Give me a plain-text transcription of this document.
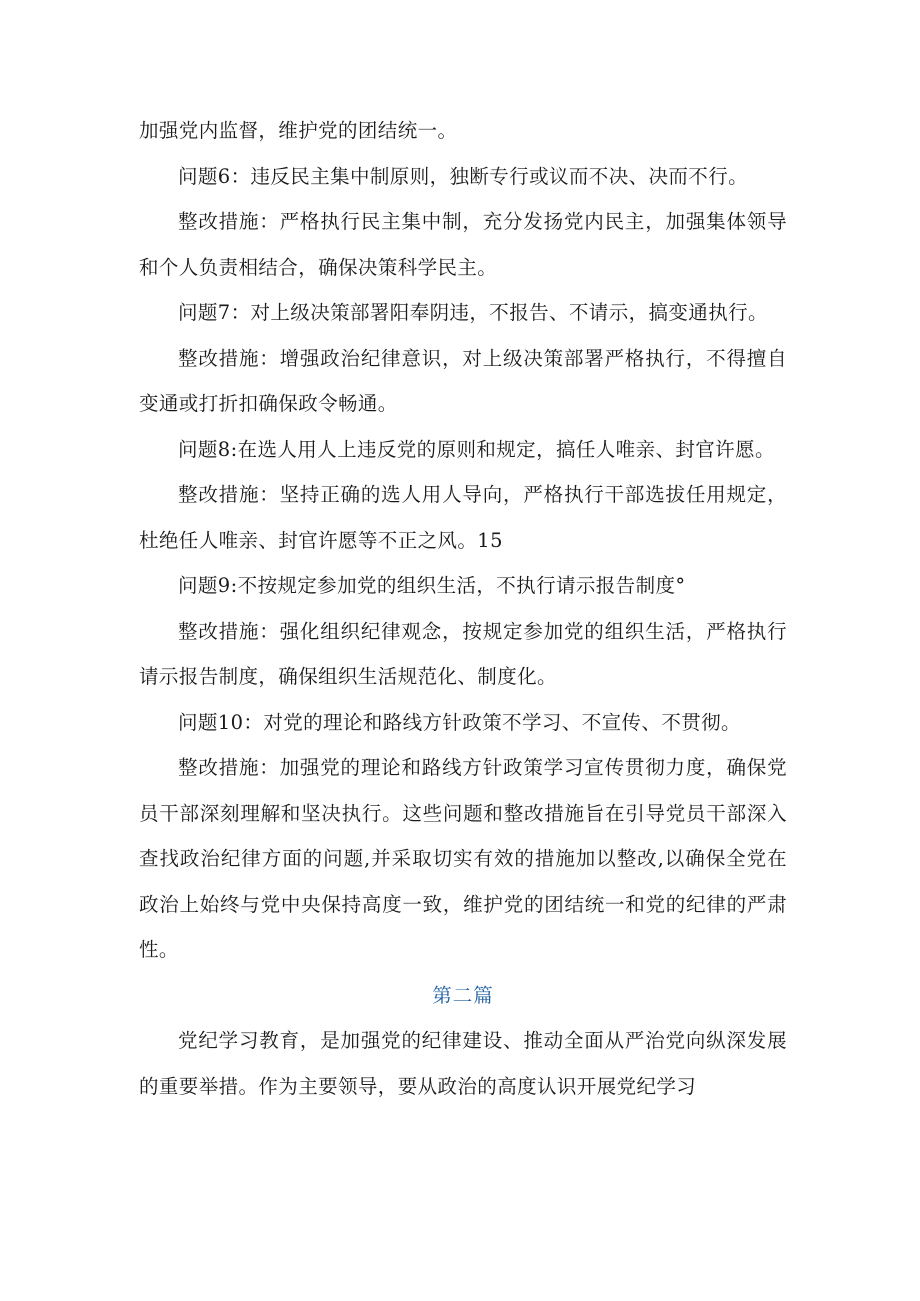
加强党内监督，维护党的团结统一。

问题6：违反民主集中制原则，独断专行或议而不决、决而不行。

整改措施：严格执行民主集中制，充分发扬党内民主，加强集体领导和个人负责相结合，确保决策科学民主。

问题7：对上级决策部署阳奉阴违，不报告、不请示，搞变通执行。

整改措施：增强政治纪律意识，对上级决策部署严格执行，不得擅自变通或打折扣确保政令畅通。

问题8:在选人用人上违反党的原则和规定，搞任人唯亲、封官许愿。

整改措施：坚持正确的选人用人导向，严格执行干部选拔任用规定，杜绝任人唯亲、封官许愿等不正之风。15

问题9:不按规定参加党的组织生活，不执行请示报告制度°

整改措施：强化组织纪律观念，按规定参加党的组织生活，严格执行请示报告制度，确保组织生活规范化、制度化。

问题10：对党的理论和路线方针政策不学习、不宣传、不贯彻。

整改措施：加强党的理论和路线方针政策学习宣传贯彻力度，确保党员干部深刻理解和坚决执行。这些问题和整改措施旨在引导党员干部深入查找政治纪律方面的问题,并采取切实有效的措施加以整改,以确保全党在政治上始终与党中央保持高度一致，维护党的团结统一和党的纪律的严肃性。

第二篇

党纪学习教育，是加强党的纪律建设、推动全面从严治党向纵深发展的重要举措。作为主要领导，要从政治的高度认识开展党纪学习
